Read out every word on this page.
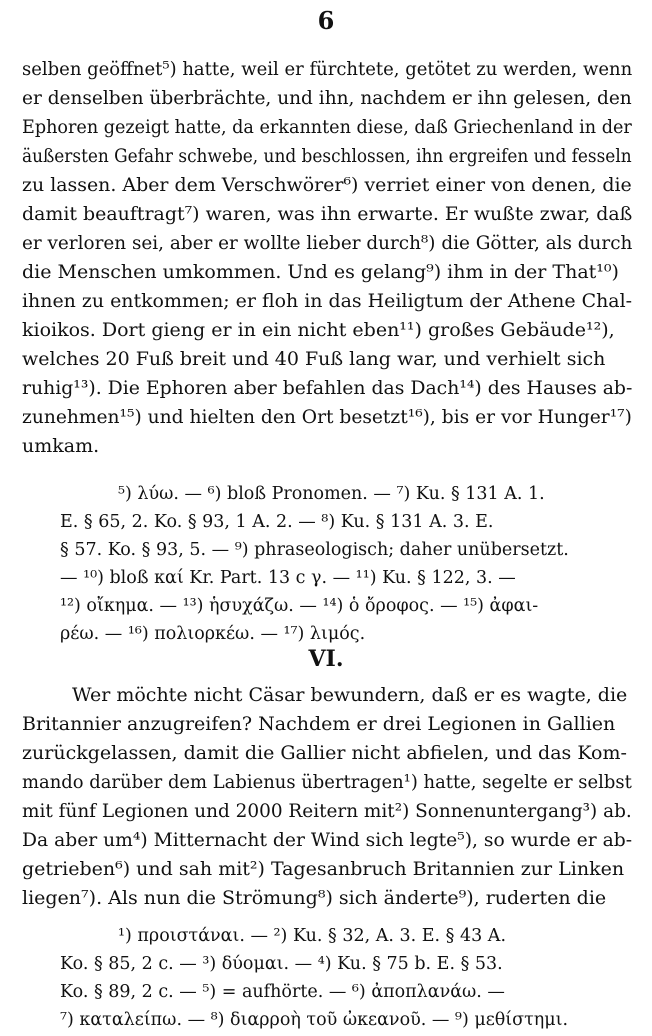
6
selben geöffnet⁵) hatte, weil er fürchtete, getötet zu werden, wenn
er denselben überbrächte, und ihn, nachdem er ihn gelesen, den
Ephoren gezeigt hatte, da erkannten diese, daß Griechenland in der
äußersten Gefahr schwebe, und beschlossen, ihn ergreifen und fesseln
zu lassen. Aber dem Verschwörer⁶) verriet einer von denen, die
damit beauftragt⁷) waren, was ihn erwarte. Er wußte zwar, daß
er verloren sei, aber er wollte lieber durch⁸) die Götter, als durch
die Menschen umkommen. Und es gelang⁹) ihm in der That¹⁰)
ihnen zu entkommen; er floh in das Heiligtum der Athene Chal-
kioikos. Dort gieng er in ein nicht eben¹¹) großes Gebäude¹²),
welches 20 Fuß breit und 40 Fuß lang war, und verhielt sich
ruhig¹³). Die Ephoren aber befahlen das Dach¹⁴) des Hauses ab-
zunehmen¹⁵) und hielten den Ort besetzt¹⁶), bis er vor Hunger¹⁷)
umkam.
⁵) λύω. — ⁶) bloß Pronomen. — ⁷) Ku. § 131 A. 1.
E. § 65, 2. Ko. § 93, 1 A. 2. — ⁸) Ku. § 131 A. 3. E.
§ 57. Ko. § 93, 5. — ⁹) phraseologisch; daher unübersetzt.
— ¹⁰) bloß καί Kr. Part. 13 c γ. — ¹¹) Ku. § 122, 3. —
¹²) οἴκημα. — ¹³) ἡσυχάζω. — ¹⁴) ὁ ὄροφος. — ¹⁵) ἀφαι-
ρέω. — ¹⁶) πολιορκέω. — ¹⁷) λιμός.
VI.
Wer möchte nicht Cäsar bewundern, daß er es wagte, die
Britannier anzugreifen? Nachdem er drei Legionen in Gallien
zurückgelassen, damit die Gallier nicht abfielen, und das Kom-
mando darüber dem Labienus übertragen¹) hatte, segelte er selbst
mit fünf Legionen und 2000 Reitern mit²) Sonnenuntergang³) ab.
Da aber um⁴) Mitternacht der Wind sich legte⁵), so wurde er ab-
getrieben⁶) und sah mit²) Tagesanbruch Britannien zur Linken
liegen⁷). Als nun die Strömung⁸) sich änderte⁹), ruderten die
¹) προιστάναι. — ²) Ku. § 32, A. 3. E. § 43 A.
Ko. § 85, 2 c. — ³) δύομαι. — ⁴) Ku. § 75 b. E. § 53.
Ko. § 89, 2 c. — ⁵) = aufhörte. — ⁶) ἀποπλανάω. —
⁷) καταλείπω. — ⁸) διαρροὴ τοῦ ὠκεανοῦ. — ⁹) μεθίστημι.
